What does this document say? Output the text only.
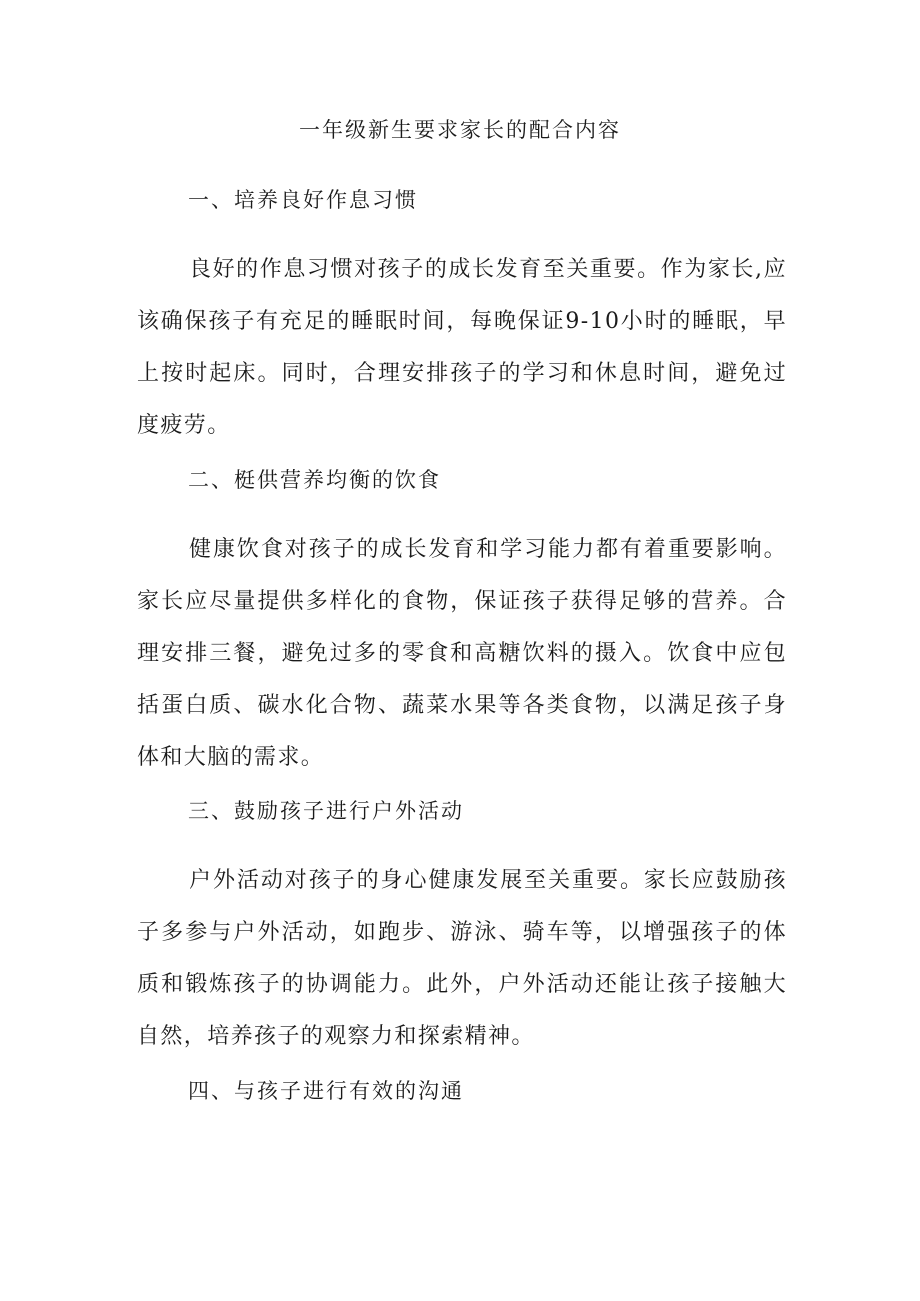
一年级新生要求家长的配合内容
一、培养良好作息习惯

良好的作息习惯对孩子的成长发育至关重要。作为家长,应该确保孩子有充足的睡眠时间，每晚保证9-10小时的睡眠，早上按时起床。同时，合理安排孩子的学习和休息时间，避免过度疲劳。

二、梃供营养均衡的饮食

健康饮食对孩子的成长发育和学习能力都有着重要影响。家长应尽量提供多样化的食物，保证孩子获得足够的营养。合理安排三餐，避免过多的零食和高糖饮料的摄入。饮食中应包括蛋白质、碳水化合物、蔬菜水果等各类食物，以满足孩子身体和大脑的需求。

三、鼓励孩子进行户外活动

户外活动对孩子的身心健康发展至关重要。家长应鼓励孩子多参与户外活动，如跑步、游泳、骑车等，以增强孩子的体质和锻炼孩子的协调能力。此外，户外活动还能让孩子接触大自然，培养孩子的观察力和探索精神。

四、与孩子进行有效的沟通
